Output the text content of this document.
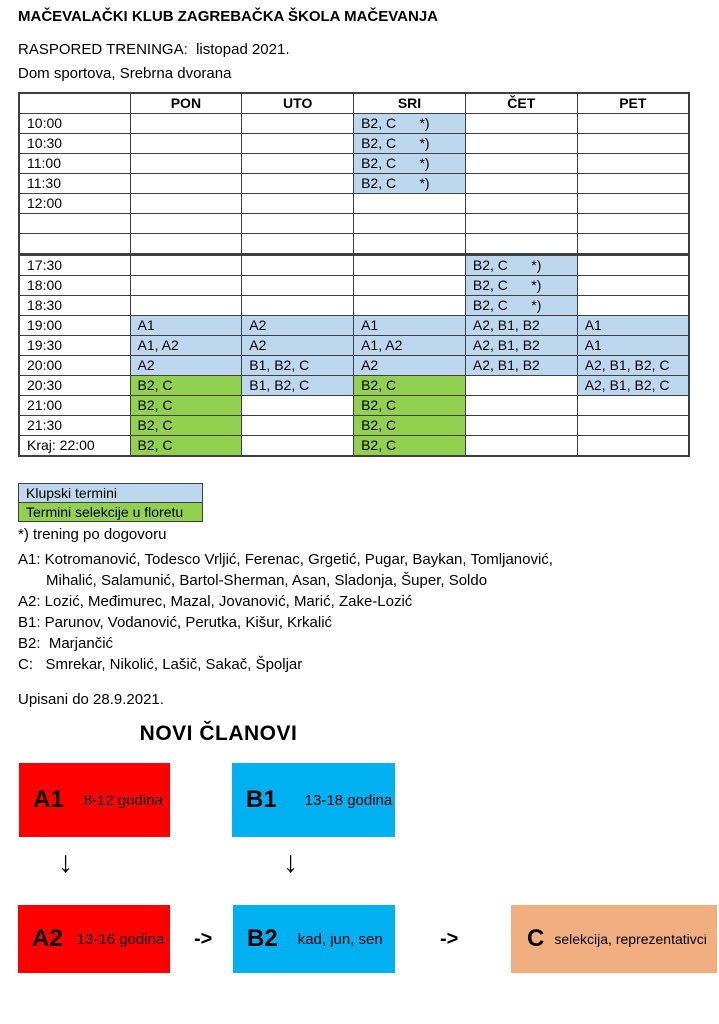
MAČEVALAČKI KLUB ZAGREBAČKA ŠKOLA MAČEVANJA

RASPORED TRENINGA:  listopad 2021.

Dom sportova, Srebrna dvorana

	PON	UTO	SRI	ČET	PET
10:00			B2, C      *)		
10:30			B2, C      *)		
11:00			B2, C      *)		
11:30			B2, C      *)		
12:00					

17:30				B2, C      *)	
18:00				B2, C      *)	
18:30				B2, C      *)	
19:00	A1	A2	A1	A2, B1, B2	A1
19:30	A1, A2	A2	A1, A2	A2, B1, B2	A1
20:00	A2	B1, B2, C	A2	A2, B1, B2	A2, B1, B2, C
20:30	B2, C	B1, B2, C	B2, C		A2, B1, B2, C
21:00	B2, C		B2, C		
21:30	B2, C		B2, C		
Kraj: 22:00	B2, C		B2, C		
Klupski termini
Termini selekcije u floretu
*) trening po dogovoru

A1: Kotromanović, Todesco Vrljić, Ferenac, Grgetić, Pugar, Baykan, Tomljanović,

Mihalić, Salamunić, Bartol-Sherman, Asan, Sladonja, Šuper, Soldo

A2: Lozić, Međimurec, Mazal, Jovanović, Marić, Zake-Lozić

B1: Parunov, Vodanović, Perutka, Kišur, Krkalić

B2:  Marjančić

C:   Smrekar, Nikolić, Lašič, Sakač, Špoljar

Upisani do 28.9.2021.
NOVI ČLANOVI
A1 8-12 godina	B1 13-18 godina
↓	↓
A2 13-16 godina -> B2 kad, jun, sen	->	C selekcija, reprezentativci
